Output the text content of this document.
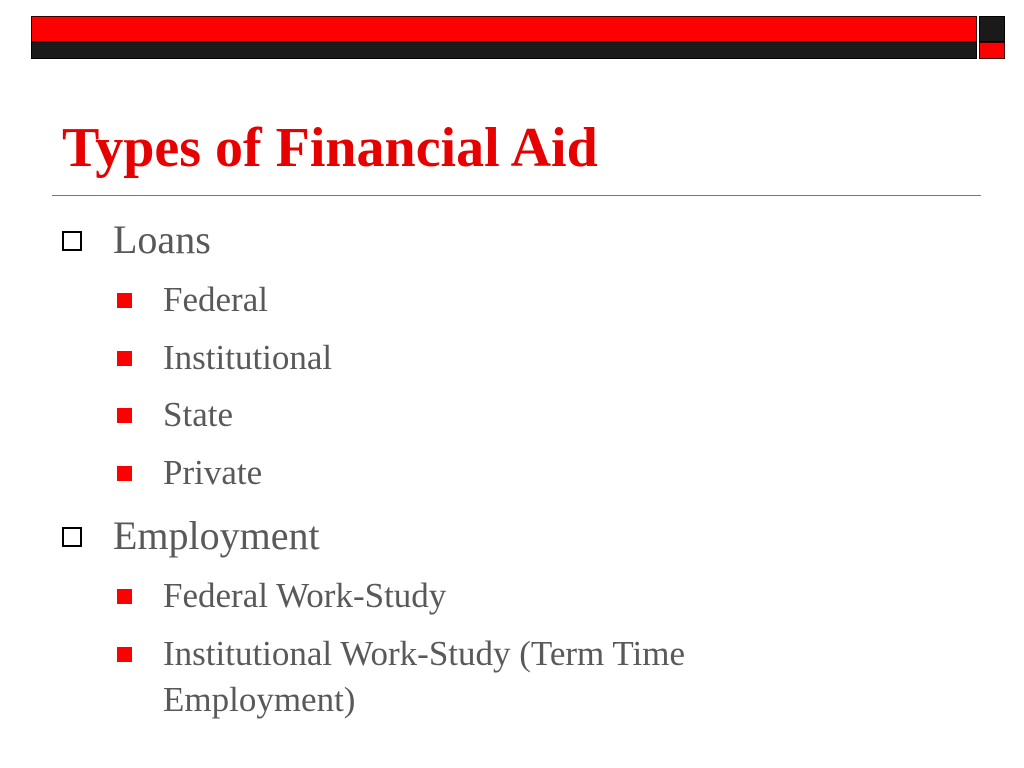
Types of Financial Aid
Loans
Federal
Institutional
State
Private
Employment
Federal Work-Study
Institutional Work-Study (Term Time
Employment)
